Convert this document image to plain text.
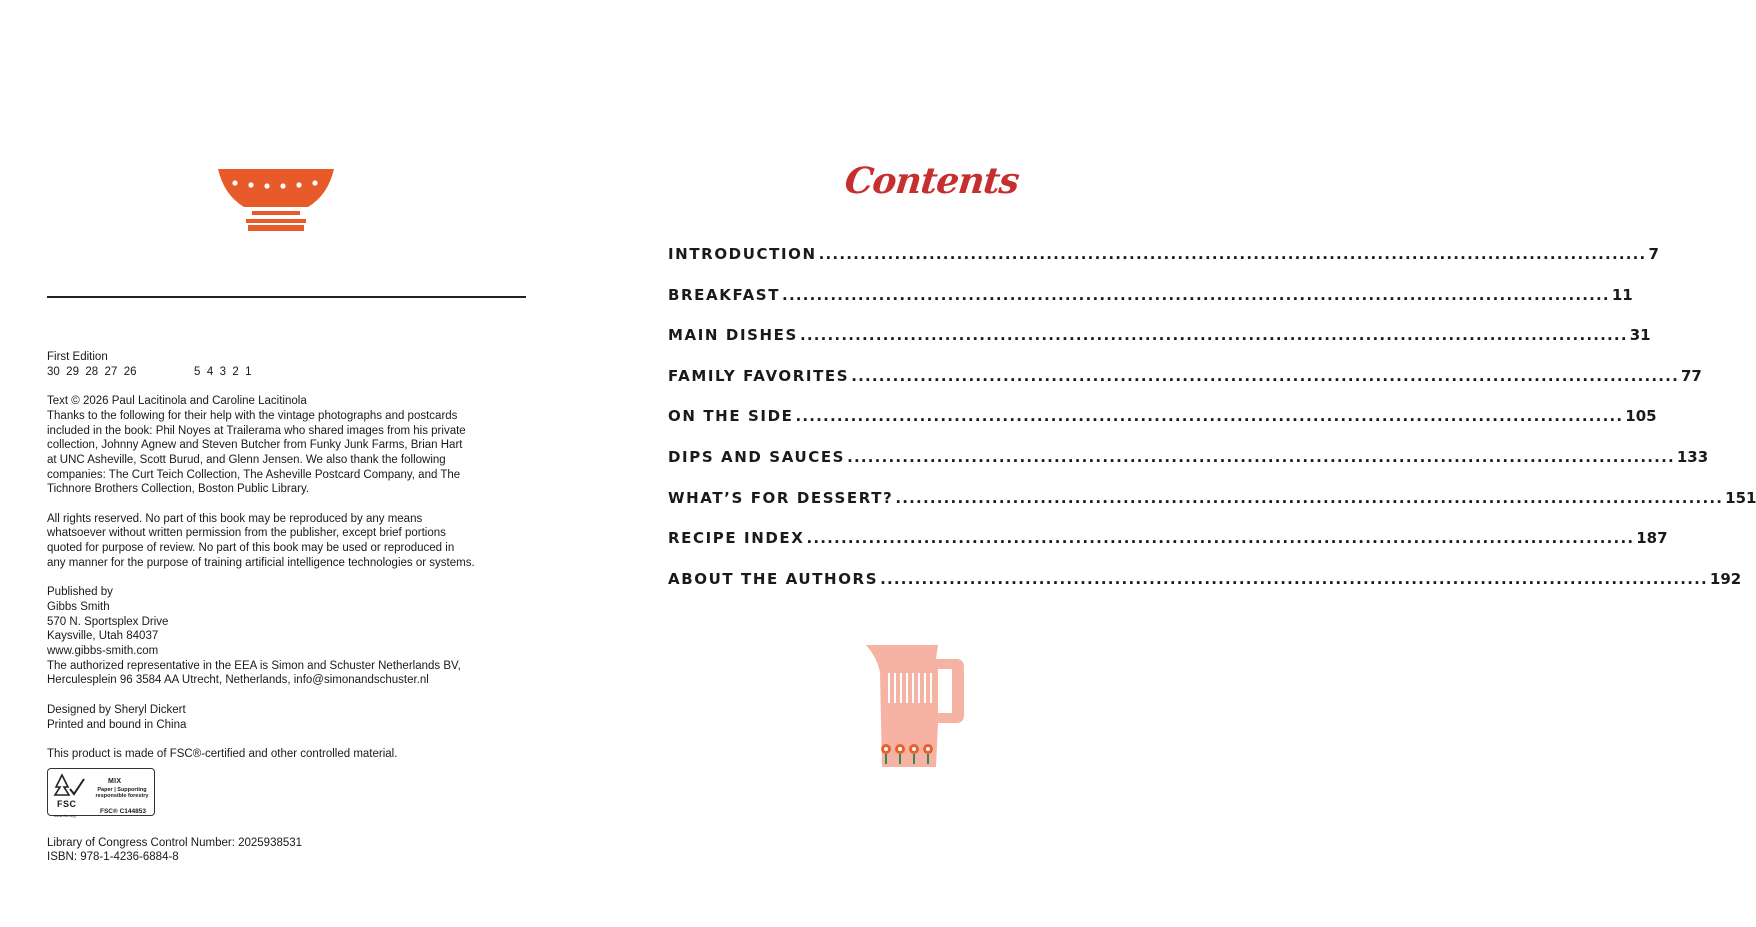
First Edition

30  29  28  27  26                  5  4  3  2  1

Text © 2026 Paul Lacitinola and Caroline Lacitinola

Thanks to the following for their help with the vintage photographs and postcards

included in the book: Phil Noyes at Trailerama who shared images from his private

collection, Johnny Agnew and Steven Butcher from Funky Junk Farms, Brian Hart

at UNC Asheville, Scott Burud, and Glenn Jensen. We also thank the following

companies: The Curt Teich Collection, The Asheville Postcard Company, and The

Tichnore Brothers Collection, Boston Public Library.

All rights reserved. No part of this book may be reproduced by any means

whatsoever without written permission from the publisher, except brief portions

quoted for purpose of review. No part of this book may be used or reproduced in

any manner for the purpose of training artificial intelligence technologies or systems.

Published by

Gibbs Smith

570 N. Sportsplex Drive

Kaysville, Utah 84037

www.gibbs-smith.com

The authorized representative in the EEA is Simon and Schuster Netherlands BV,

Herculesplein 96 3584 AA Utrecht, Netherlands, info@simonandschuster.nl

Designed by Sheryl Dickert

Printed and bound in China

This product is made of FSC®-certified and other controlled material.

FSC
www.fsc.org
MIX
Paper | Supporting responsible forestry
FSC® C144853

Library of Congress Control Number: 2025938531

ISBN: 978-1-4236-6884-8

Contents
INTRODUCTION ........................................................................................................................ 7
BREAKFAST ........................................................................................................................ 11
MAIN DISHES ........................................................................................................................ 31
FAMILY FAVORITES ........................................................................................................................ 77
ON THE SIDE ........................................................................................................................ 105
DIPS AND SAUCES ........................................................................................................................ 133
WHAT’S FOR DESSERT? ........................................................................................................................ 151
RECIPE INDEX ........................................................................................................................ 187
ABOUT THE AUTHORS ........................................................................................................................ 192
